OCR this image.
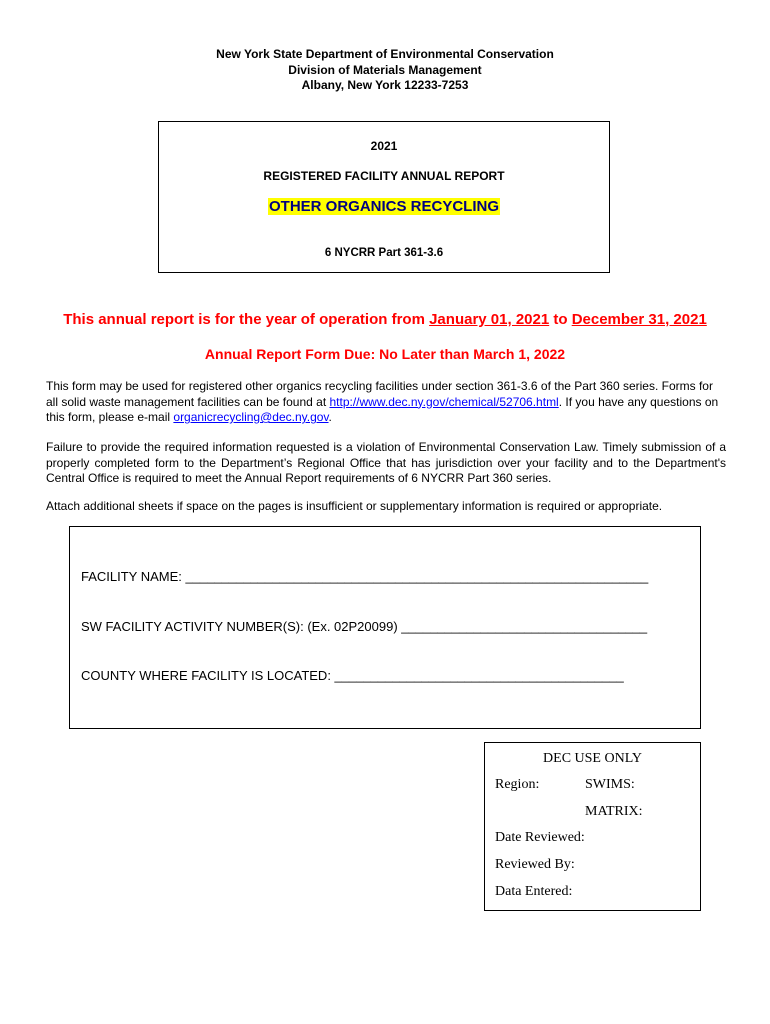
New York State Department of Environmental Conservation
Division of Materials Management
Albany, New York 12233-7253
2021
REGISTERED FACILITY ANNUAL REPORT
OTHER ORGANICS RECYCLING
6 NYCRR Part 361-3.6
This annual report is for the year of operation from January 01, 2021 to December 31, 2021
Annual Report Form Due: No Later than March 1, 2022
This form may be used for registered other organics recycling facilities under section 361-3.6 of the Part 360 series. Forms for all solid waste management facilities can be found at http://www.dec.ny.gov/chemical/52706.html. If you have any questions on this form, please e-mail organicrecycling@dec.ny.gov.
Failure to provide the required information requested is a violation of Environmental Conservation Law. Timely submission of a properly completed form to the Department’s Regional Office that has jurisdiction over your facility and to the Department's Central Office is required to meet the Annual Report requirements of 6 NYCRR Part 360 series.
Attach additional sheets if space on the pages is insufficient or supplementary information is required or appropriate.
FACILITY NAME: ________________________________________________________________
SW FACILITY ACTIVITY NUMBER(S): (Ex. 02P20099) __________________________________
COUNTY WHERE FACILITY IS LOCATED: ________________________________________
DEC USE ONLY
Region:	SWIMS:
MATRIX:
Date Reviewed:
Reviewed By:
Data Entered:
